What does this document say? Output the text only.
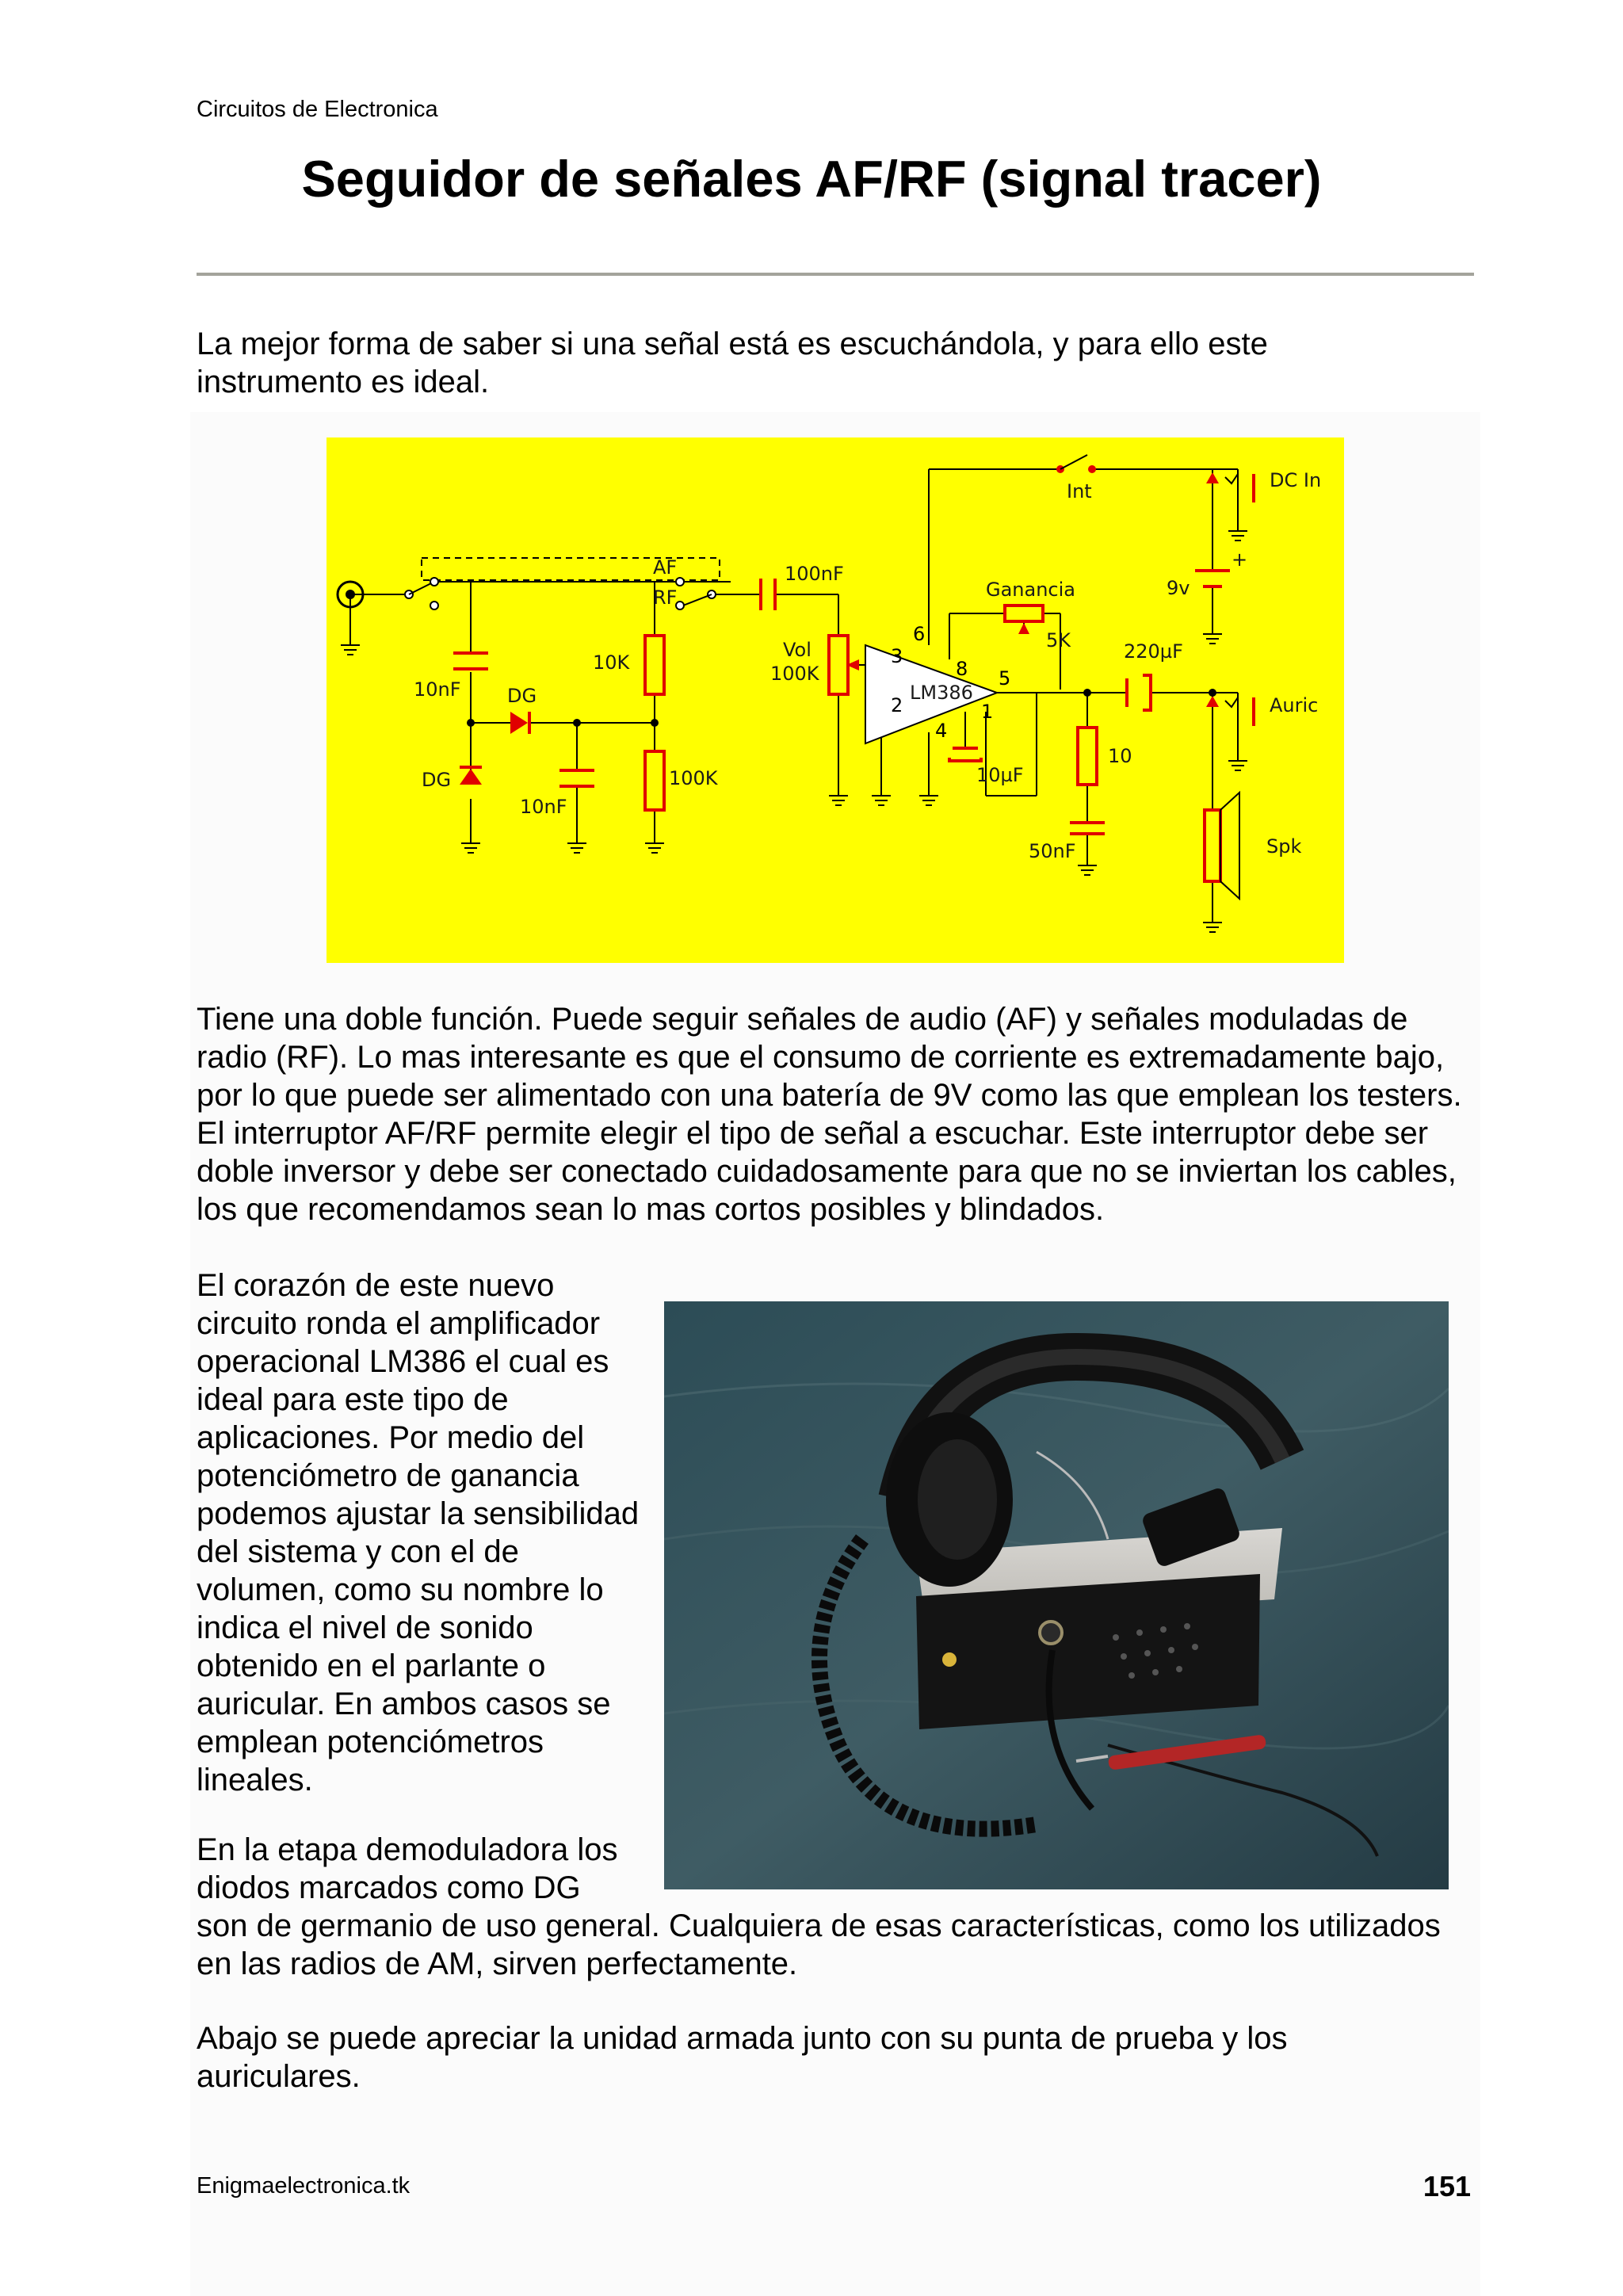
Circuitos de Electronica
Seguidor de señales AF/RF (signal tracer)

La mejor forma de saber si una señal está es escuchándola, y para ello este instrumento es ideal.

AF
RF
10nF DG
DG
10nF
10K
100K
100nF
Vol
100K
LM386
Ganancia
5K	220µF
10µF
10
50nF
9v
+
Int	DC In
Auric
Spk
3
6
8 5
2
4
1

Tiene una doble función. Puede seguir señales de audio (AF) y señales moduladas de radio (RF). Lo mas interesante es que el consumo de corriente es extremadamente bajo, por lo que puede ser alimentado con una batería de 9V como las que emplean los testers. El interruptor AF/RF permite elegir el tipo de señal a escuchar. Este interruptor debe ser doble inversor y debe ser conectado cuidadosamente para que no se inviertan los cables, los que recomendamos sean lo mas cortos posibles y blindados.

El corazón de este nuevo circuito ronda el amplificador operacional LM386 el cual es ideal para este tipo de aplicaciones. Por medio del potenciómetro de ganancia podemos ajustar la sensibilidad del sistema y con el de volumen, como su nombre lo indica el nivel de sonido obtenido en el parlante o auricular. En ambos casos se emplean potenciómetros lineales.

En la etapa demoduladora los diodos marcados como DG

son de germanio de uso general. Cualquiera de esas características, como los utilizados en las radios de AM, sirven perfectamente.

Abajo se puede apreciar la unidad armada junto con su punta de prueba y los auriculares.

Enigmaelectronica.tk	151
